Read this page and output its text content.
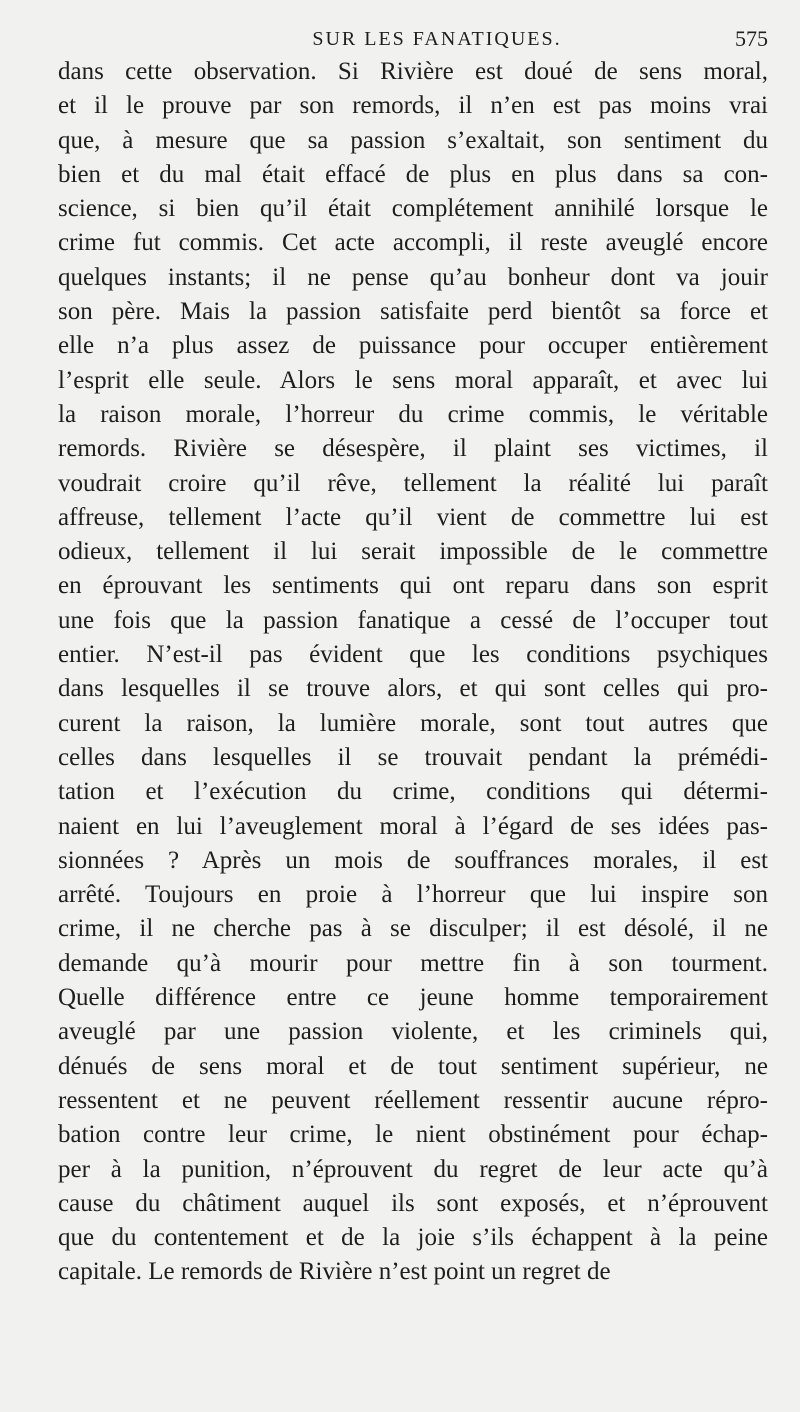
SUR LES FANATIQUES.	575
dans cette observation. Si Rivière est doué de sens moral,
et il le prouve par son remords, il n’en est pas moins vrai
que, à mesure que sa passion s’exaltait, son sentiment du
bien et du mal était effacé de plus en plus dans sa con-
science, si bien qu’il était complétement annihilé lorsque le
crime fut commis. Cet acte accompli, il reste aveuglé encore
quelques instants; il ne pense qu’au bonheur dont va jouir
son père. Mais la passion satisfaite perd bientôt sa force et
elle n’a plus assez de puissance pour occuper entièrement
l’esprit elle seule. Alors le sens moral apparaît, et avec lui
la raison morale, l’horreur du crime commis, le véritable
remords. Rivière se désespère, il plaint ses victimes, il
voudrait croire qu’il rêve, tellement la réalité lui paraît
affreuse, tellement l’acte qu’il vient de commettre lui est
odieux, tellement il lui serait impossible de le commettre
en éprouvant les sentiments qui ont reparu dans son esprit
une fois que la passion fanatique a cessé de l’occuper tout
entier. N’est-il pas évident que les conditions psychiques
dans lesquelles il se trouve alors, et qui sont celles qui pro-
curent la raison, la lumière morale, sont tout autres que
celles dans lesquelles il se trouvait pendant la prémédi-
tation et l’exécution du crime, conditions qui détermi-
naient en lui l’aveuglement moral à l’égard de ses idées pas-
sionnées ? Après un mois de souffrances morales, il est
arrêté. Toujours en proie à l’horreur que lui inspire son
crime, il ne cherche pas à se disculper; il est désolé, il ne
demande qu’à mourir pour mettre fin à son tourment.
Quelle différence entre ce jeune homme temporairement
aveuglé par une passion violente, et les criminels qui,
dénués de sens moral et de tout sentiment supérieur, ne
ressentent et ne peuvent réellement ressentir aucune répro-
bation contre leur crime, le nient obstinément pour échap-
per à la punition, n’éprouvent du regret de leur acte qu’à
cause du châtiment auquel ils sont exposés, et n’éprouvent
que du contentement et de la joie s’ils échappent à la peine
capitale. Le remords de Rivière n’est point un regret de
